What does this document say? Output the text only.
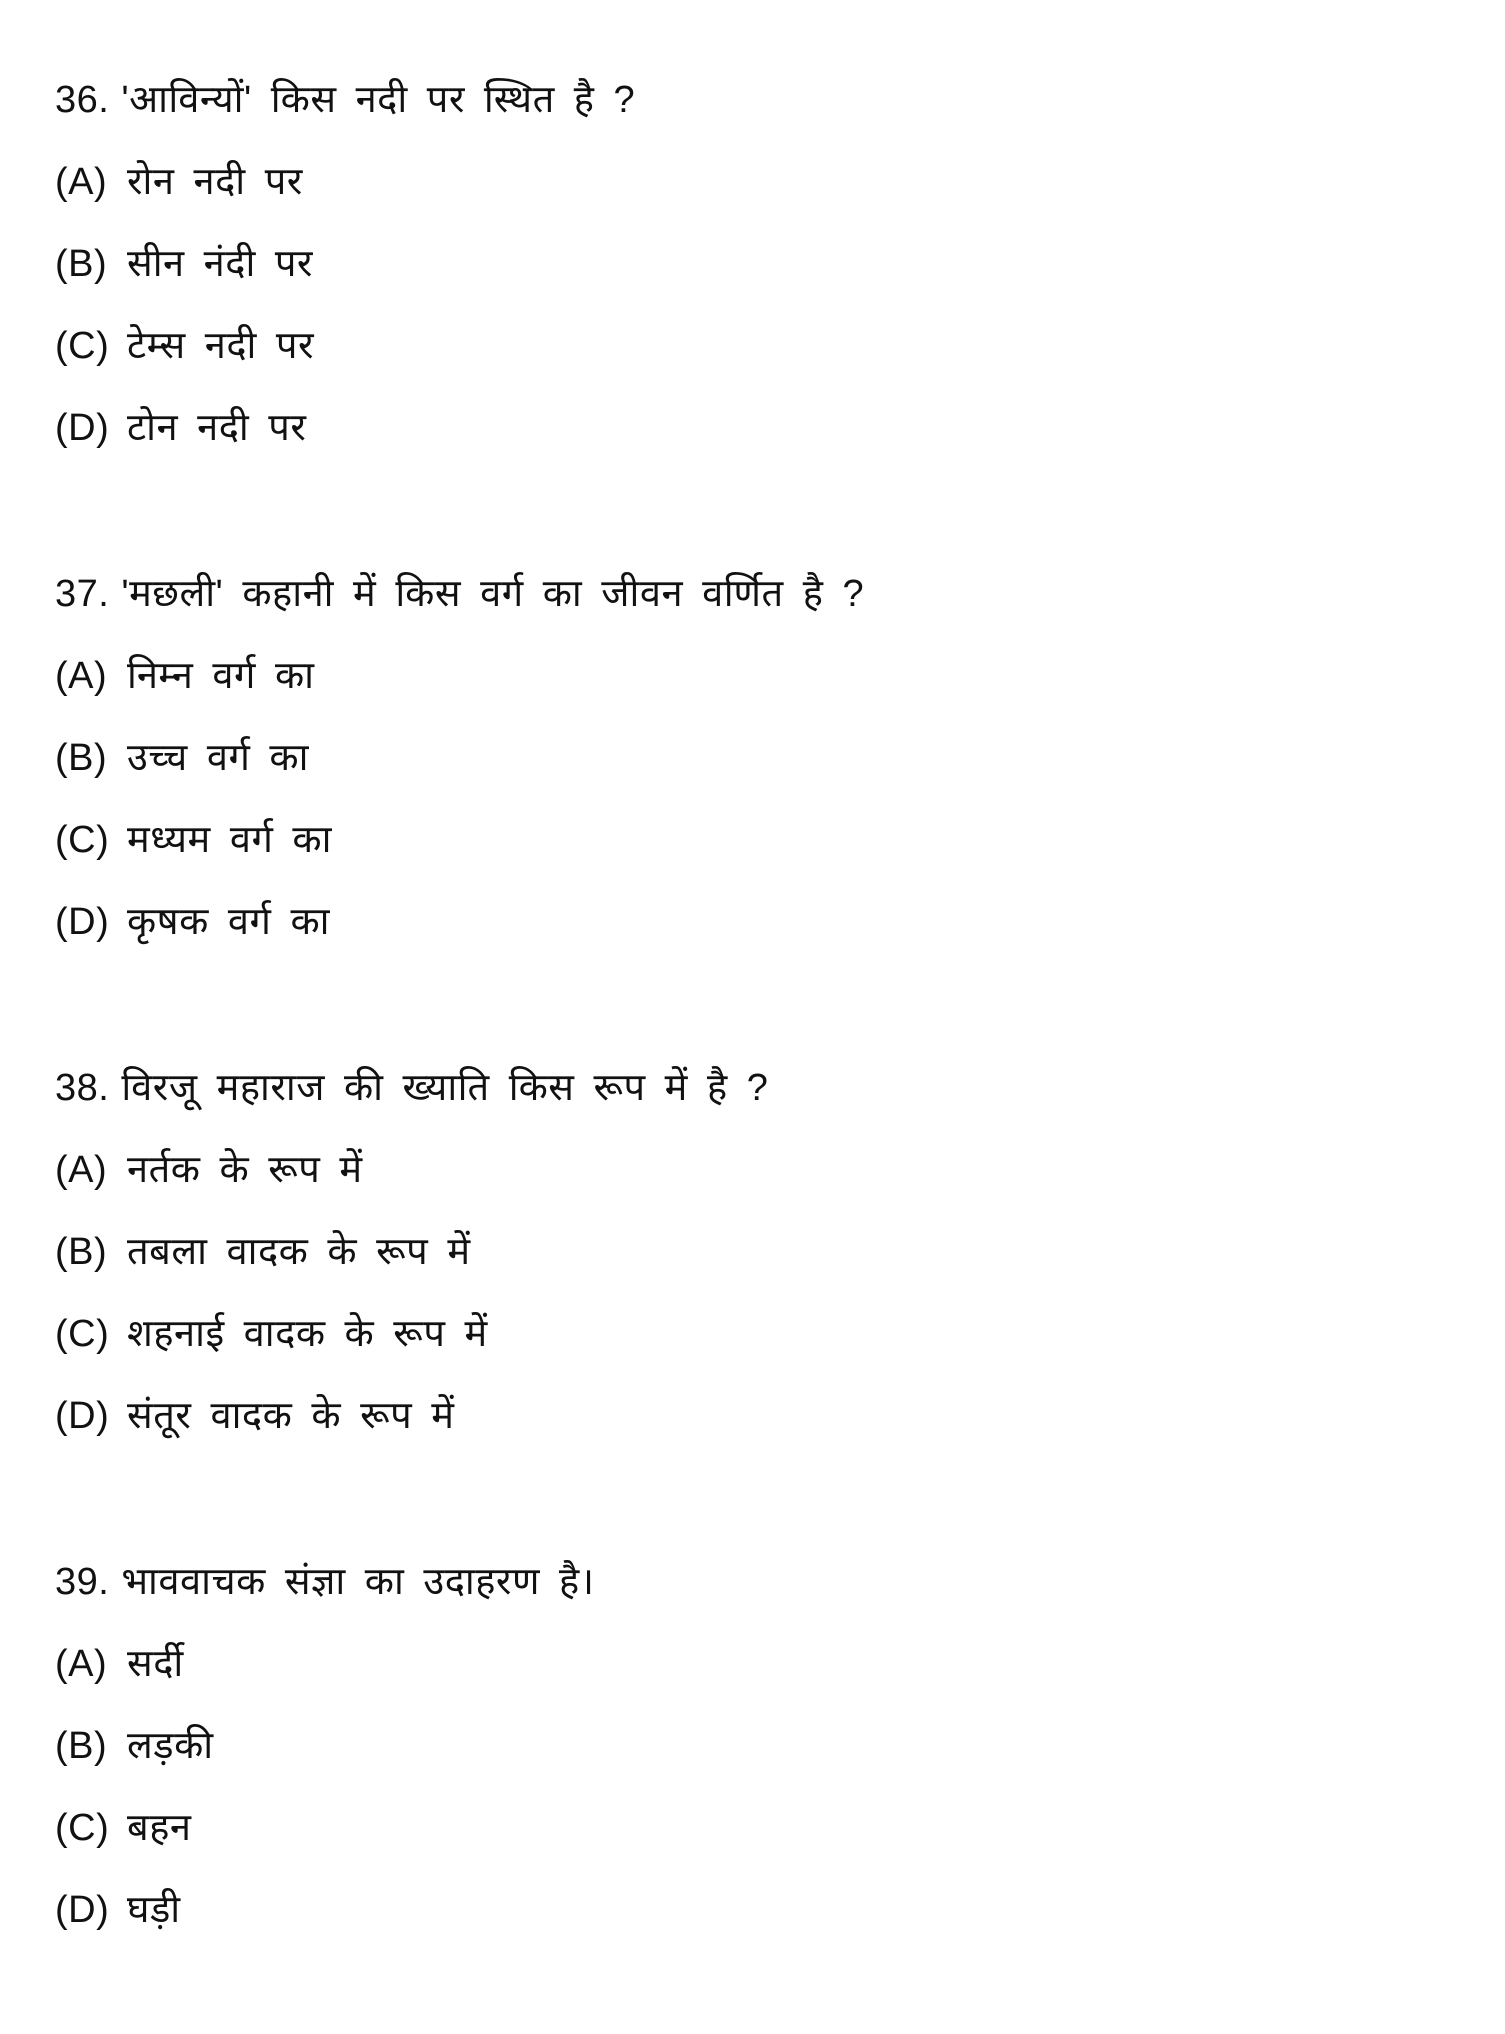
36. 'आविन्यों' किस नदी पर स्थित है ?
(A) रोन नदी पर
(B) सीन नंदी पर
(C) टेम्स नदी पर
(D) टोन नदी पर
37. 'मछली' कहानी में किस वर्ग का जीवन वर्णित है ?
(A) निम्न वर्ग का
(B) उच्च वर्ग का
(C) मध्यम वर्ग का
(D) कृषक वर्ग का
38. विरजू महाराज की ख्याति किस रूप में है ?
(A) नर्तक के रूप में
(B) तबला वादक के रूप में
(C) शहनाई वादक के रूप में
(D) संतूर वादक के रूप में
39. भाववाचक संज्ञा का उदाहरण है।
(A) सर्दी
(B) लड़की
(C) बहन
(D) घड़ी
